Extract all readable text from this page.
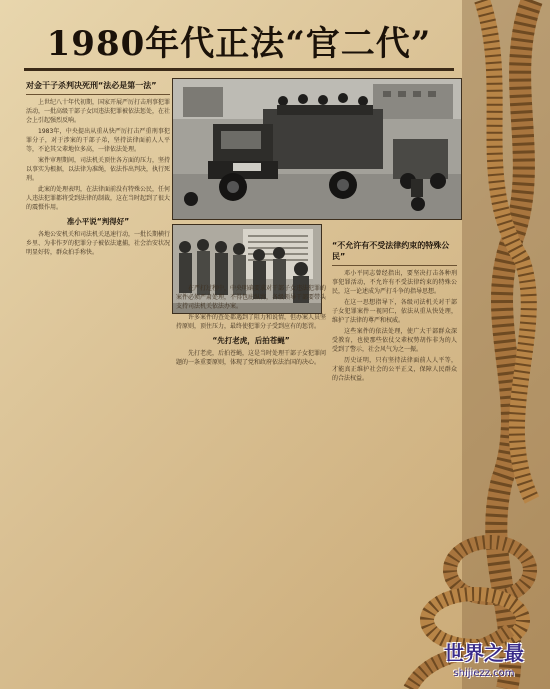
1980年代正法“官二代”
对金干子杀判决死刑“法必是第一法”

上世纪八十年代初期，国家开展严厉打击刑事犯罪活动，一批高级干部子女因违法犯罪被依法惩处，在社会上引起强烈反响。

1983年，中央提出从重从快严厉打击严重刑事犯罪分子，对于涉案的干部子弟，坚持法律面前人人平等，不论其父辈地位多高，一律依法处理。

案件审理期间，司法机关顶住各方面的压力，坚持以事实为根据，以法律为准绳，依法作出判决，执行死刑。

此案的处理表明，在法律面前没有特殊公民，任何人违法犯罪都将受到法律的制裁，这在当时起到了很大的震慑作用。

准小平说“判得好”

各地公安机关和司法机关迅速行动，一批长期横行乡里、为非作歹的犯罪分子被依法逮捕，社会治安状况明显好转，群众拍手称快。

在严打过程中，中央明确要求对干部子女违法犯罪的案件必须严肃处理，不得包庇纵容，各级领导干部要带头支持司法机关依法办案。

许多案件的查处都遇到了阻力和说情，但办案人员坚持原则，顶住压力，最终使犯罪分子受到应有的惩罚。

“先打老虎，后拍苍蝇”

先打老虎，后拍苍蝇，这是当时处理干部子女犯罪问题的一条重要原则，体现了党和政府依法治国的决心。

“不允许有不受法律约束的特殊公民”

邓小平同志曾经指出，要坚决打击各种刑事犯罪活动，不允许有不受法律约束的特殊公民，这一论述成为严打斗争的指导思想。

在这一思想指导下，各级司法机关对干部子女犯罪案件一视同仁，依法从重从快处理，维护了法律的尊严和权威。

这些案件的依法处理，使广大干部群众深受教育，也使那些依仗父辈权势胡作非为的人受到了警示，社会风气为之一振。

历史证明，只有坚持法律面前人人平等，才能真正维护社会的公平正义，保障人民群众的合法权益。

世界之最
shijiezz.com
